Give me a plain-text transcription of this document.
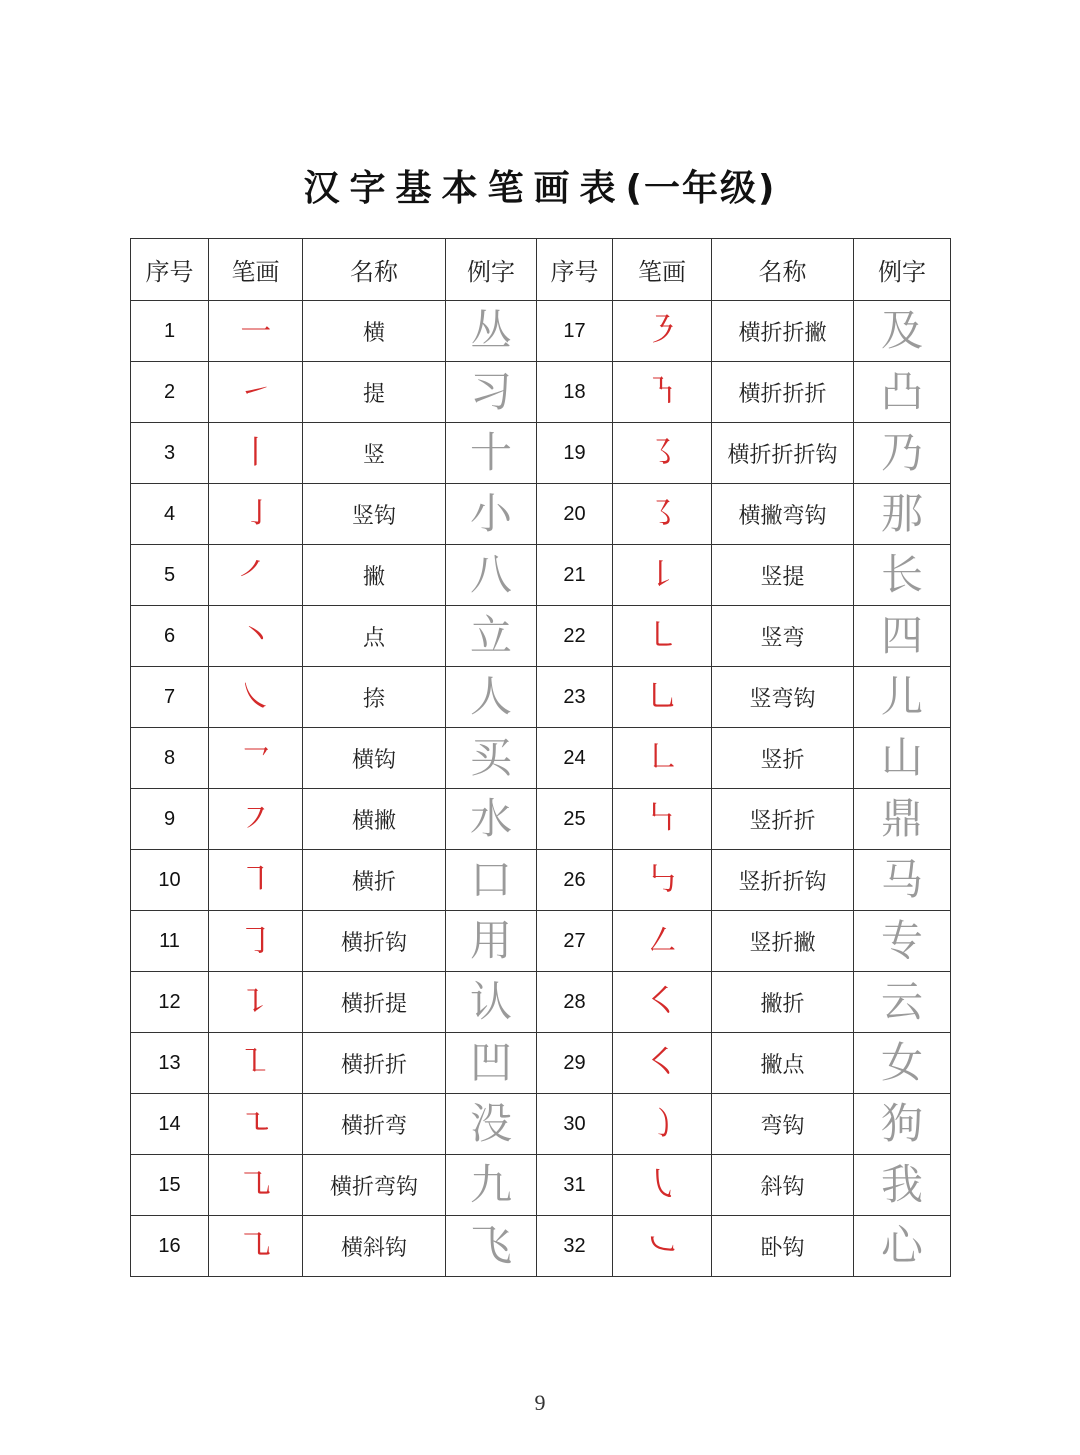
汉字基本笔画表(一年级)
序号	笔画	名称	例字	序号	笔画	名称	例字
1	㇐	横	丛	17	㇋	横折折撇	及
2	㇀	提	习	18	㇎	横折折折	凸
3	㇑	竖	十	19	㇌	横折折折钩	乃
4	㇚	竖钩	小	20	㇌	横撇弯钩	那
5	㇒	撇	八	21	㇙	竖提	长
6	㇔	点	立	22	㇄	竖弯	四
7	㇏	捺	人	23	㇟	竖弯钩	儿
8	㇖	横钩	买	24	㇗	竖折	山
9	㇇	横撇	水	25	㇞	竖折折	鼎
10	㇕	横折	口	26	㇉	竖折折钩	马
11	㇆	横折钩	用	27	㇜	竖折撇	专
12	㇊	横折提	认	28	㇛	撇折	云
13	㇅	横折折	凹	29	㇛	撇点	女
14	㇍	横折弯	没	30	㇁	弯钩	狗
15	㇈	横折弯钩	九	31	㇂	斜钩	我
16	㇈	横斜钩	飞	32	㇃	卧钩	心
9
